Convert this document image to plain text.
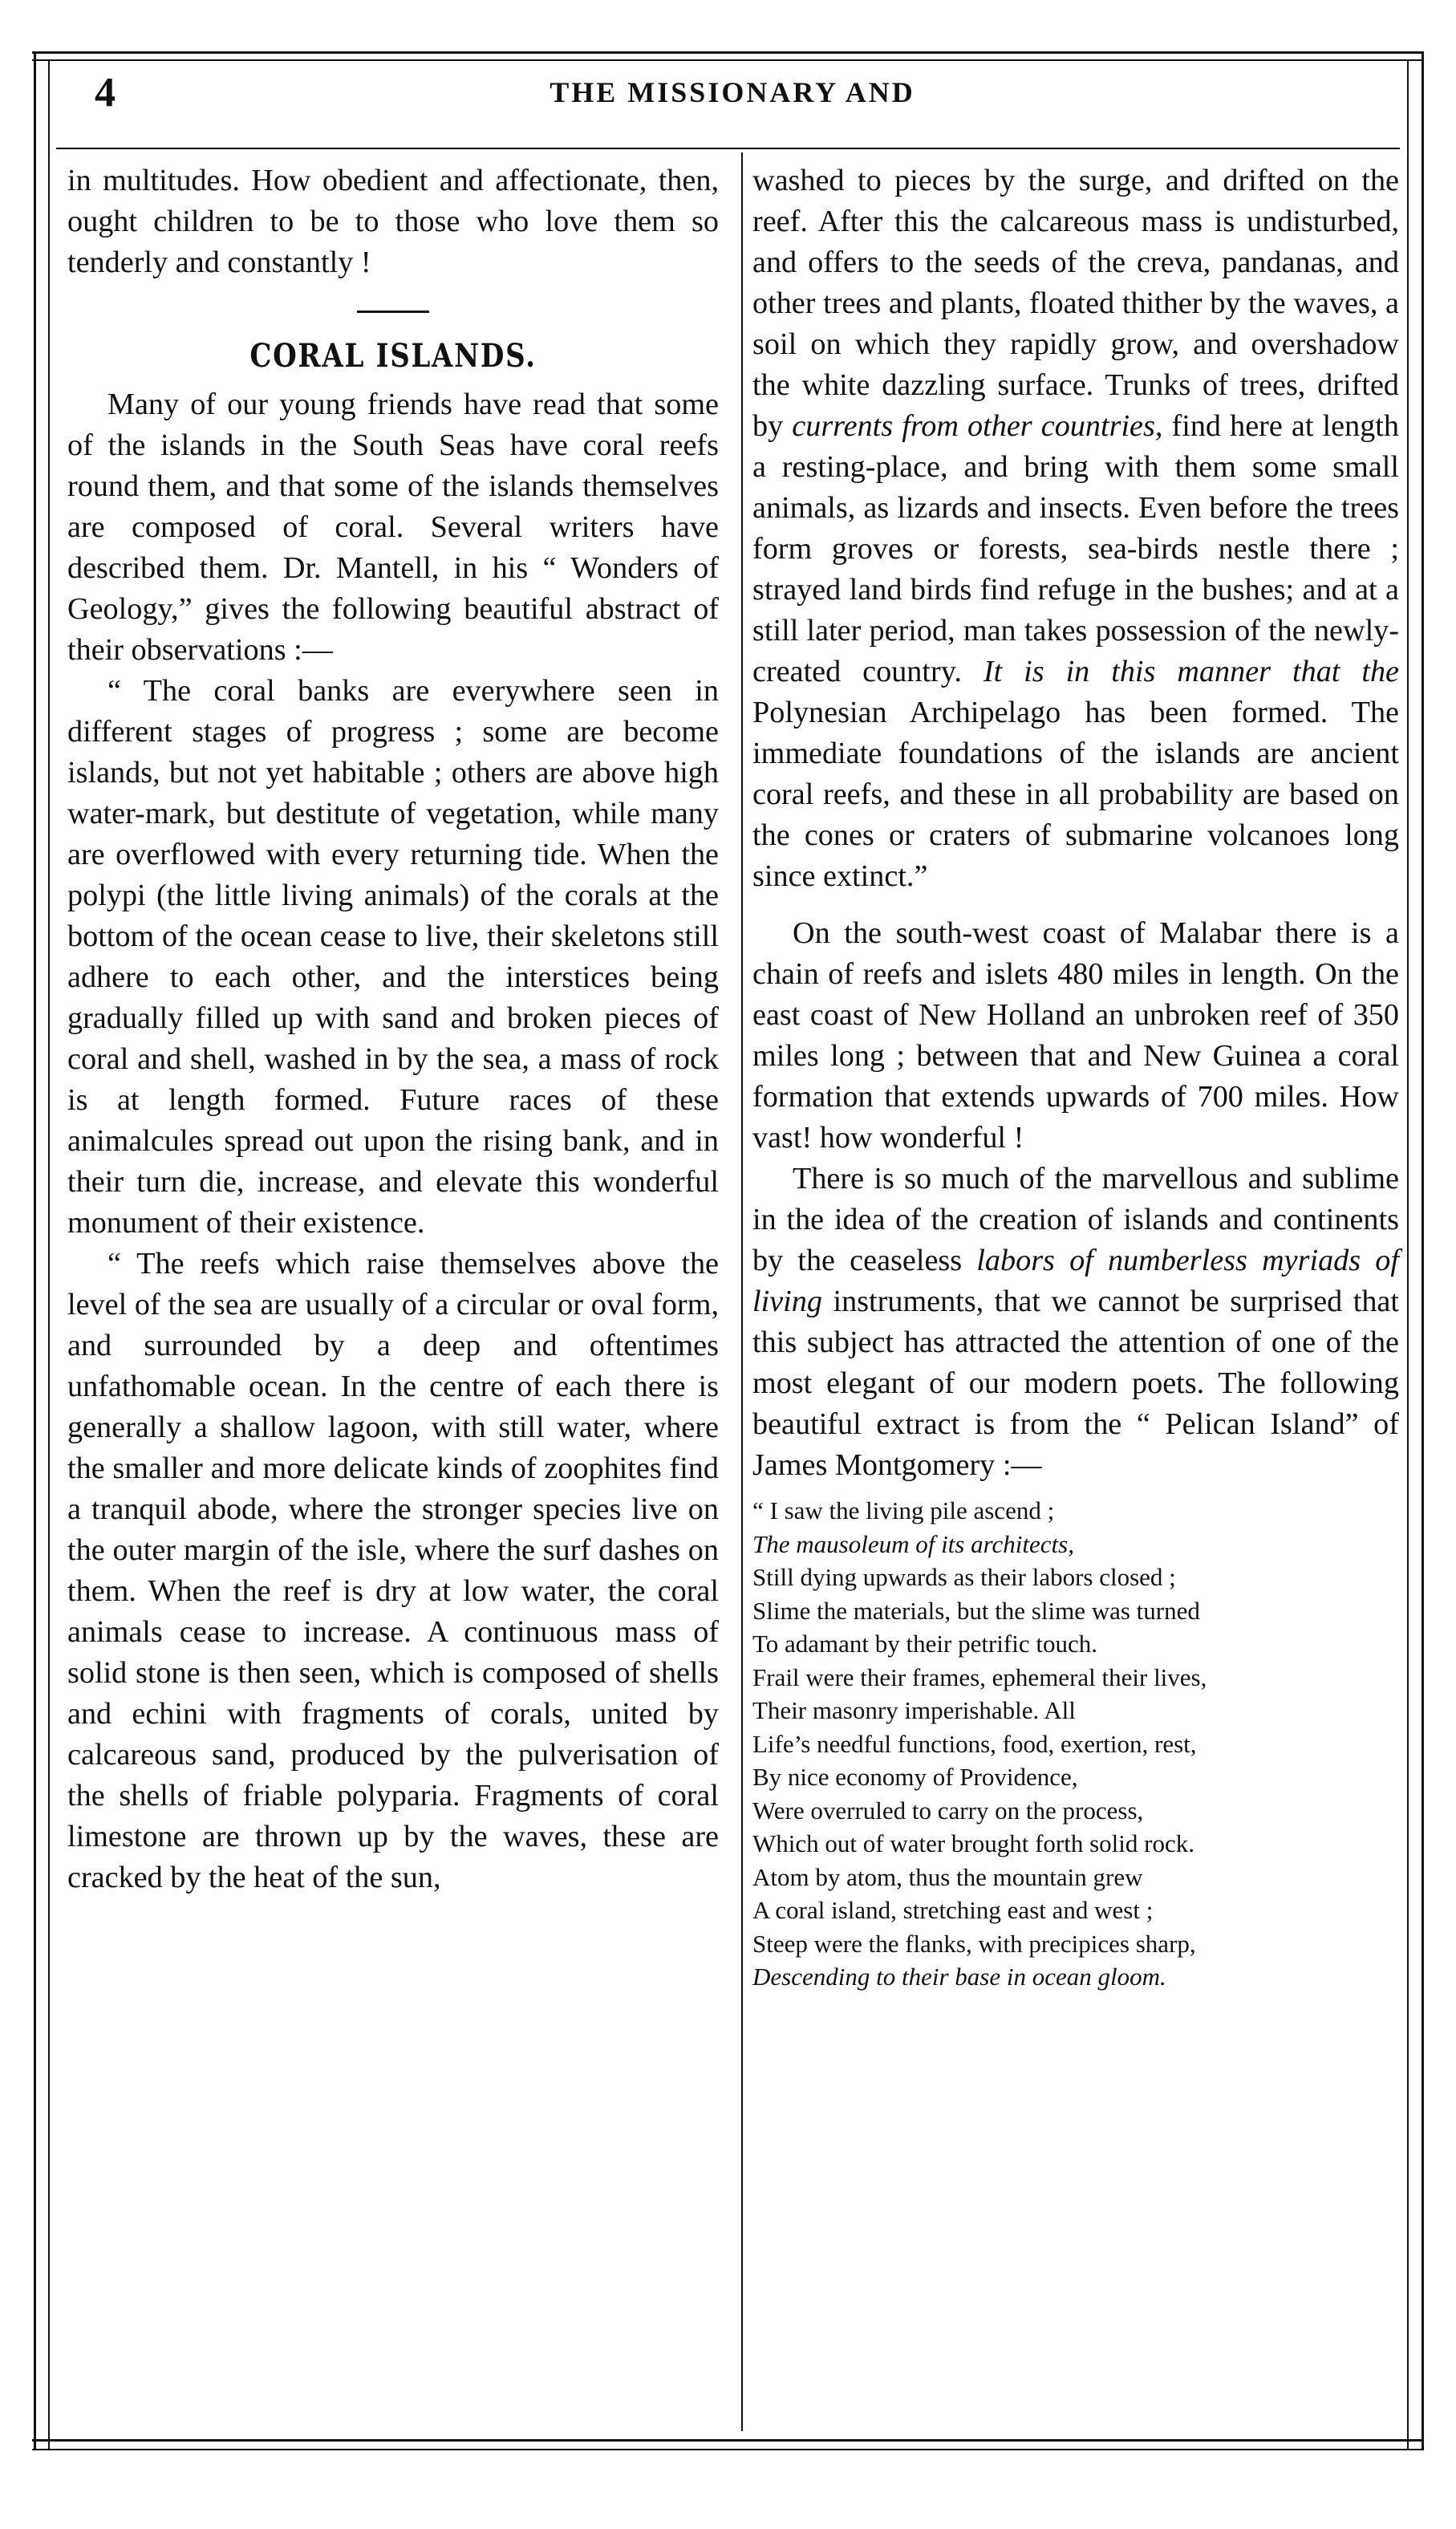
4	THE MISSIONARY AND

in multitudes. How obedient and affectionate, then, ought children to be to those who love them so tenderly and constantly !

CORAL ISLANDS.

Many of our young friends have read that some of the islands in the South Seas have coral reefs round them, and that some of the islands themselves are composed of coral. Several writers have described them. Dr. Mantell, in his “ Wonders of Geology,” gives the following beautiful abstract of their observations :—

“ The coral banks are everywhere seen in different stages of progress ; some are become islands, but not yet habitable ; others are above high water-mark, but destitute of vegetation, while many are overflowed with every returning tide. When the polypi (the little living animals) of the corals at the bottom of the ocean cease to live, their skeletons still adhere to each other, and the interstices being gradually filled up with sand and broken pieces of coral and shell, washed in by the sea, a mass of rock is at length formed. Future races of these animalcules spread out upon the rising bank, and in their turn die, increase, and elevate this wonderful monument of their existence.

“ The reefs which raise themselves above the level of the sea are usually of a circular or oval form, and surrounded by a deep and oftentimes unfathomable ocean. In the centre of each there is generally a shallow lagoon, with still water, where the smaller and more delicate kinds of zoophites find a tranquil abode, where the stronger species live on the outer margin of the isle, where the surf dashes on them. When the reef is dry at low water, the coral animals cease to increase. A continuous mass of solid stone is then seen, which is composed of shells and echini with fragments of corals, united by calcareous sand, produced by the pulverisation of the shells of friable polyparia. Fragments of coral limestone are thrown up by the waves, these are cracked by the heat of the sun,

washed to pieces by the surge, and drifted on the reef. After this the calcareous mass is undisturbed, and offers to the seeds of the creva, pandanas, and other trees and plants, floated thither by the waves, a soil on which they rapidly grow, and overshadow the white dazzling surface. Trunks of trees, drifted by currents from other countries, find here at length a resting-place, and bring with them some small animals, as lizards and insects. Even before the trees form groves or forests, sea-birds nestle there ; strayed land birds find refuge in the bushes; and at a still later period, man takes possession of the newly-created country. It is in this manner that the Polynesian Archipelago has been formed. The immediate foundations of the islands are ancient coral reefs, and these in all probability are based on the cones or craters of submarine volcanoes long since extinct.”

On the south-west coast of Malabar there is a chain of reefs and islets 480 miles in length. On the east coast of New Holland an unbroken reef of 350 miles long ; between that and New Guinea a coral formation that extends upwards of 700 miles. How vast! how wonderful !

There is so much of the marvellous and sublime in the idea of the creation of islands and continents by the ceaseless labors of numberless myriads of living instruments, that we cannot be surprised that this subject has attracted the attention of one of the most elegant of our modern poets. The following beautiful extract is from the “ Pelican Island” of James Montgomery :—

“ I saw the living pile ascend ;
The mausoleum of its architects,
Still dying upwards as their labors closed ;
Slime the materials, but the slime was turned
To adamant by their petrific touch.
Frail were their frames, ephemeral their lives,
Their masonry imperishable. All
Life’s needful functions, food, exertion, rest,
By nice economy of Providence,
Were overruled to carry on the process,
Which out of water brought forth solid rock.
Atom by atom, thus the mountain grew
A coral island, stretching east and west ;
Steep were the flanks, with precipices sharp,
Descending to their base in ocean gloom.
